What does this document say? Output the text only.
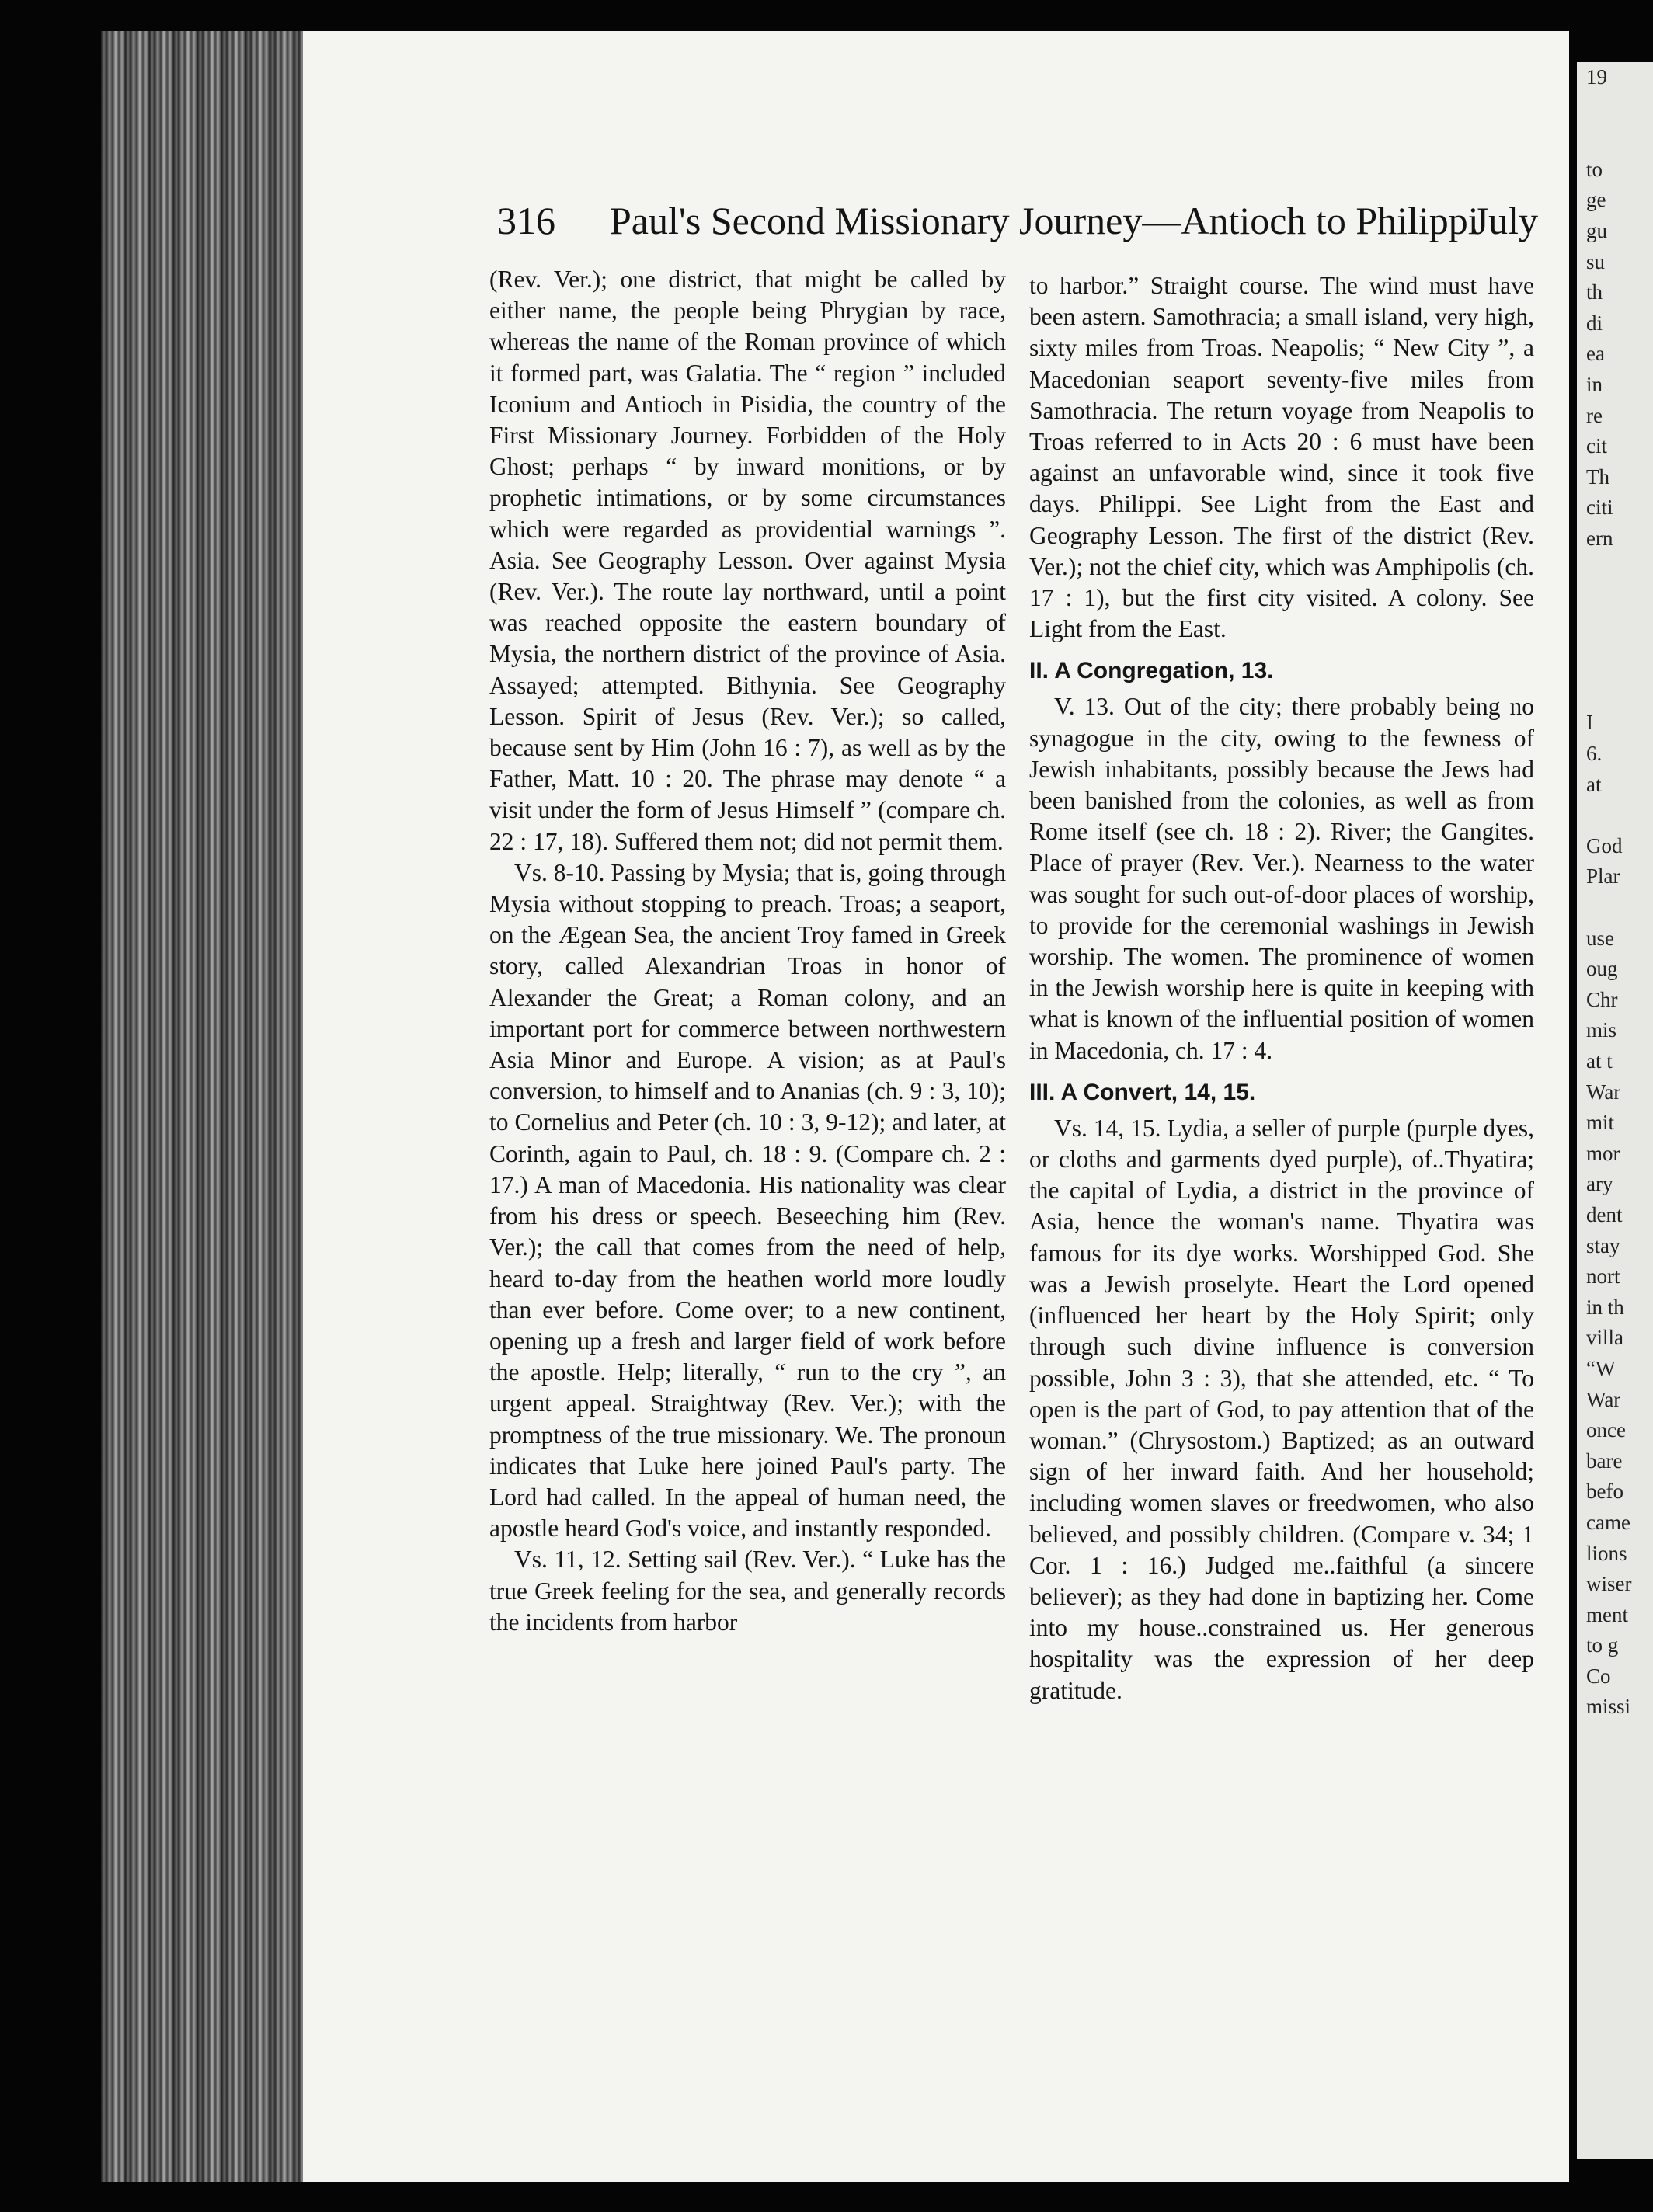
19

to
ge
gu
su
th
di
ea
in
re
cit
Th
citi
ern

I
6.
at

God
Plar

use
oug
Chr
mis
at t
War
mit
mor
ary
dent
stay
nort
in th
villa
“W
War
once
bare
befo
came
lions
wiser
ment
to g
Co
missi
316 Paul's Second Missionary Journey—Antioch to Philippi
July

(Rev. Ver.); one district, that might be called by either name, the people being Phrygian by race, whereas the name of the Roman province of which it formed part, was Galatia. The “ region ” included Iconium and Antioch in Pisidia, the country of the First Missionary Journey. Forbidden of the Holy Ghost; perhaps “ by inward monitions, or by prophetic intimations, or by some circumstances which were regarded as providential warnings ”. Asia. See Geography Lesson. Over against Mysia (Rev. Ver.). The route lay northward, until a point was reached opposite the eastern boundary of Mysia, the northern district of the province of Asia. Assayed; attempted. Bithynia. See Geography Lesson. Spirit of Jesus (Rev. Ver.); so called, because sent by Him (John 16 : 7), as well as by the Father, Matt. 10 : 20. The phrase may denote “ a visit under the form of Jesus Himself ” (compare ch. 22 : 17, 18). Suffered them not; did not permit them.

Vs. 8-10. Passing by Mysia; that is, going through Mysia without stopping to preach. Troas; a seaport, on the Ægean Sea, the ancient Troy famed in Greek story, called Alexandrian Troas in honor of Alexander the Great; a Roman colony, and an important port for commerce between northwestern Asia Minor and Europe. A vision; as at Paul's conversion, to himself and to Ananias (ch. 9 : 3, 10); to Cornelius and Peter (ch. 10 : 3, 9-12); and later, at Corinth, again to Paul, ch. 18 : 9. (Compare ch. 2 : 17.) A man of Macedonia. His nationality was clear from his dress or speech. Beseeching him (Rev. Ver.); the call that comes from the need of help, heard to-day from the heathen world more loudly than ever before. Come over; to a new continent, opening up a fresh and larger field of work before the apostle. Help; literally, “ run to the cry ”, an urgent appeal. Straightway (Rev. Ver.); with the promptness of the true missionary. We. The pronoun indicates that Luke here joined Paul's party. The Lord had called. In the appeal of human need, the apostle heard God's voice, and instantly responded.

Vs. 11, 12. Setting sail (Rev. Ver.). “ Luke has the true Greek feeling for the sea, and generally records the incidents from harbor

to harbor.” Straight course. The wind must have been astern. Samothracia; a small island, very high, sixty miles from Troas. Neapolis; “ New City ”, a Macedonian seaport seventy-five miles from Samothracia. The return voyage from Neapolis to Troas referred to in Acts 20 : 6 must have been against an unfavorable wind, since it took five days. Philippi. See Light from the East and Geography Lesson. The first of the district (Rev. Ver.); not the chief city, which was Amphipolis (ch. 17 : 1), but the first city visited. A colony. See Light from the East.

II. A Congregation, 13.

V. 13. Out of the city; there probably being no synagogue in the city, owing to the fewness of Jewish inhabitants, possibly because the Jews had been banished from the colonies, as well as from Rome itself (see ch. 18 : 2). River; the Gangites. Place of prayer (Rev. Ver.). Nearness to the water was sought for such out-of-door places of worship, to provide for the ceremonial washings in Jewish worship. The women. The prominence of women in the Jewish worship here is quite in keeping with what is known of the influential position of women in Macedonia, ch. 17 : 4.

III. A Convert, 14, 15.

Vs. 14, 15. Lydia, a seller of purple (purple dyes, or cloths and garments dyed purple), of..Thyatira; the capital of Lydia, a district in the province of Asia, hence the woman's name. Thyatira was famous for its dye works. Worshipped God. She was a Jewish proselyte. Heart the Lord opened (influenced her heart by the Holy Spirit; only through such divine influence is conversion possible, John 3 : 3), that she attended, etc. “ To open is the part of God, to pay attention that of the woman.” (Chrysostom.) Baptized; as an outward sign of her inward faith. And her household; including women slaves or freedwomen, who also believed, and possibly children. (Compare v. 34; 1 Cor. 1 : 16.) Judged me..faithful (a sincere believer); as they had done in baptizing her. Come into my house..constrained us. Her generous hospitality was the expression of her deep gratitude.
